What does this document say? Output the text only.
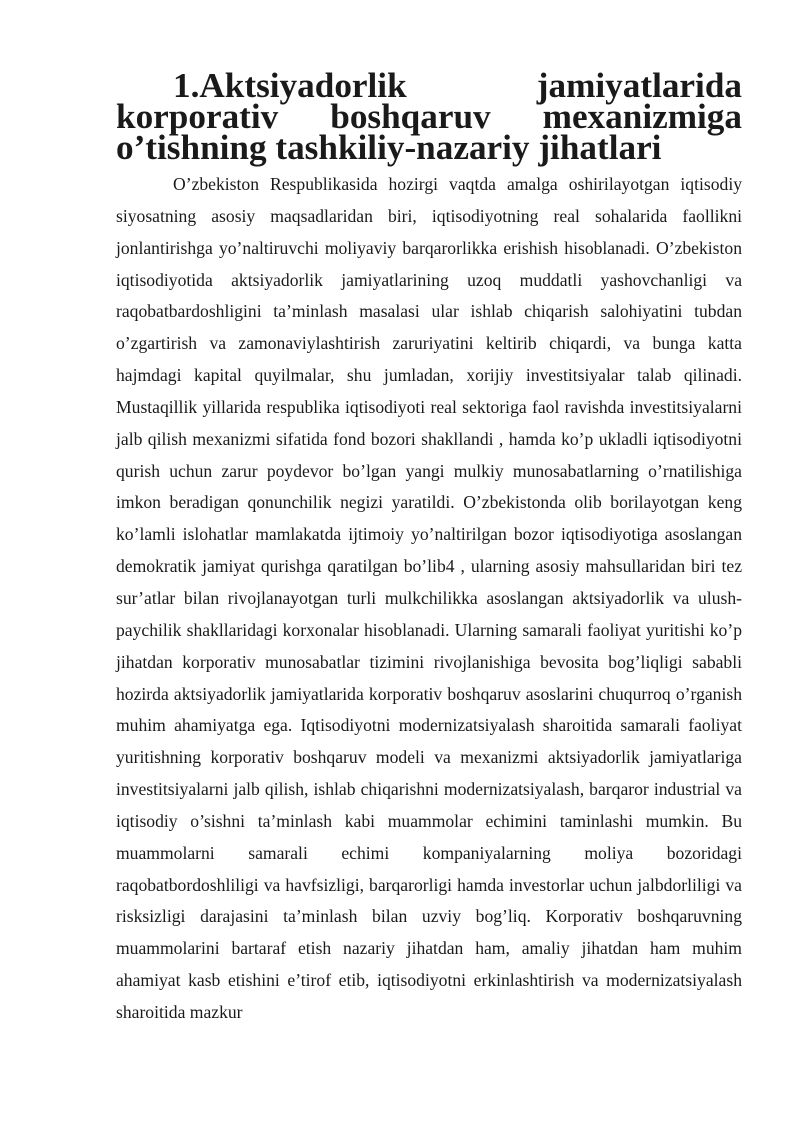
1.Aktsiyadorlik jamiyatlarida korporativ boshqaruv mexanizmiga
o’tishning tashkiliy-nazariy jihatlari

O’zbekiston Respublikasida hozirgi vaqtda amalga oshirilayotgan iqtisodiy siyosatning asosiy maqsadlaridan biri, iqtisodiyotning real sohalarida faollikni jonlantirishga yo’naltiruvchi moliyaviy barqarorlikka erishish hisoblanadi. O’zbekiston iqtisodiyotida aktsiyadorlik jamiyatlarining uzoq muddatli yashovchanligi va raqobatbardoshligini ta’minlash masalasi ular ishlab chiqarish salohiyatini tubdan o’zgartirish va zamonaviylashtirish zaruriyatini keltirib chiqardi, va bunga katta hajmdagi kapital quyilmalar, shu jumladan, xorijiy investitsiyalar talab qilinadi. Mustaqillik yillarida respublika iqtisodiyoti real sektoriga faol ravishda investitsiyalarni jalb qilish mexanizmi sifatida fond bozori shakllandi , hamda ko’p ukladli iqtisodiyotni qurish uchun zarur poydevor bo’lgan yangi mulkiy munosabatlarning o’rnatilishiga imkon beradigan qonunchilik negizi yaratildi. O’zbekistonda olib borilayotgan keng ko’lamli islohatlar mamlakatda ijtimoiy yo’naltirilgan bozor iqtisodiyotiga asoslangan demokratik jamiyat qurishga qaratilgan bo’lib4 , ularning asosiy mahsullaridan biri tez sur’atlar bilan rivojlanayotgan turli mulkchilikka asoslangan aktsiyadorlik va ulush-paychilik shakllaridagi korxonalar hisoblanadi. Ularning samarali faoliyat yuritishi ko’p jihatdan korporativ munosabatlar tizimini rivojlanishiga bevosita bog’liqligi sababli hozirda aktsiyadorlik jamiyatlarida korporativ boshqaruv asoslarini chuqurroq o’rganish muhim ahamiyatga ega. Iqtisodiyotni modernizatsiyalash sharoitida samarali faoliyat yuritishning korporativ boshqaruv modeli va mexanizmi aktsiyadorlik jamiyatlariga investitsiyalarni jalb qilish, ishlab chiqarishni modernizatsiyalash, barqaror industrial va iqtisodiy o’sishni ta’minlash kabi muammolar echimini taminlashi mumkin. Bu muammolarni samarali echimi kompaniyalarning moliya bozoridagi raqobatbordoshliligi va havfsizligi, barqarorligi hamda investorlar uchun jalbdorliligi va risksizligi darajasini ta’minlash bilan uzviy bog’liq. Korporativ boshqaruvning muammolarini bartaraf etish nazariy jihatdan ham, amaliy jihatdan ham muhim ahamiyat kasb etishini e’tirof etib, iqtisodiyotni erkinlashtirish va modernizatsiyalash sharoitida mazkur
